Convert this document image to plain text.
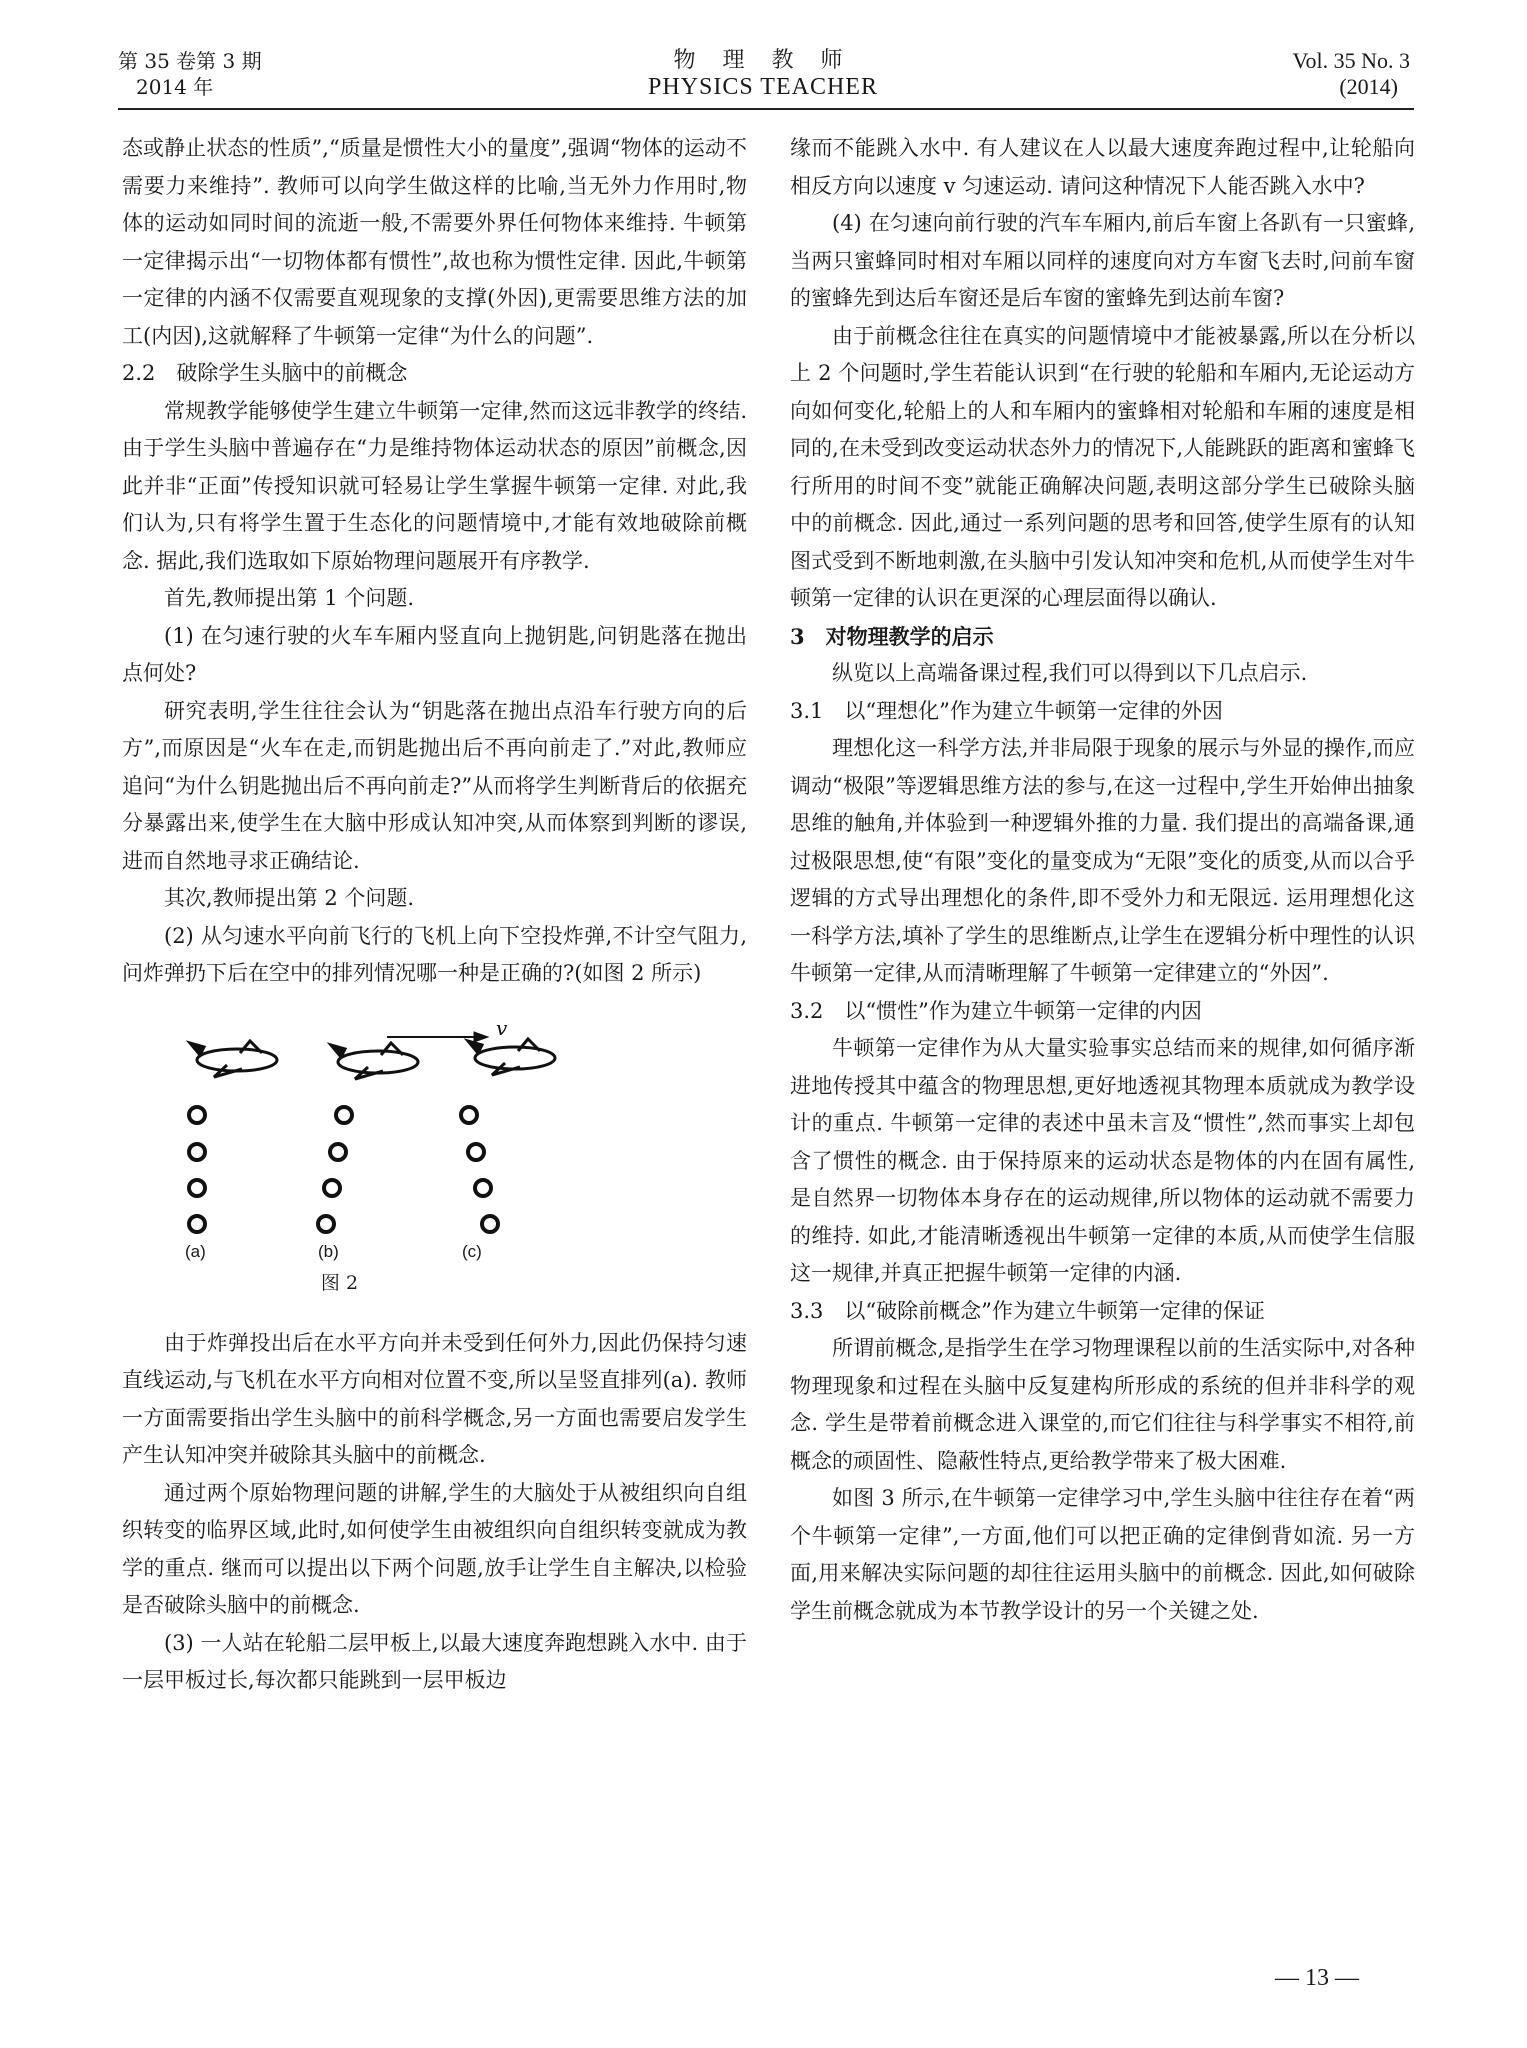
第 35 卷第 3 期
2014 年
物 理 教 师
PHYSICS TEACHER
Vol. 35 No. 3
(2014)

态或静止状态的性质”,“质量是惯性大小的量度”,强调“物体的运动不需要力来维持”. 教师可以向学生做这样的比喻,当无外力作用时,物体的运动如同时间的流逝一般,不需要外界任何物体来维持. 牛顿第一定律揭示出“一切物体都有惯性”,故也称为惯性定律. 因此,牛顿第一定律的内涵不仅需要直观现象的支撑(外因),更需要思维方法的加工(内因),这就解释了牛顿第一定律“为什么的问题”.

2.2　破除学生头脑中的前概念

常规教学能够使学生建立牛顿第一定律,然而这远非教学的终结. 由于学生头脑中普遍存在“力是维持物体运动状态的原因”前概念,因此并非“正面”传授知识就可轻易让学生掌握牛顿第一定律. 对此,我们认为,只有将学生置于生态化的问题情境中,才能有效地破除前概念. 据此,我们选取如下原始物理问题展开有序教学.

首先,教师提出第 1 个问题.

(1) 在匀速行驶的火车车厢内竖直向上抛钥匙,问钥匙落在抛出点何处?

研究表明,学生往往会认为“钥匙落在抛出点沿车行驶方向的后方”,而原因是“火车在走,而钥匙抛出后不再向前走了.”对此,教师应追问“为什么钥匙抛出后不再向前走?”从而将学生判断背后的依据充分暴露出来,使学生在大脑中形成认知冲突,从而体察到判断的谬误,进而自然地寻求正确结论.

其次,教师提出第 2 个问题.

(2) 从匀速水平向前飞行的飞机上向下空投炸弹,不计空气阻力,问炸弹扔下后在空中的排列情况哪一种是正确的?(如图 2 所示)

v
(a)	(b)	(c)
图 2

由于炸弹投出后在水平方向并未受到任何外力,因此仍保持匀速直线运动,与飞机在水平方向相对位置不变,所以呈竖直排列(a). 教师一方面需要指出学生头脑中的前科学概念,另一方面也需要启发学生产生认知冲突并破除其头脑中的前概念.

通过两个原始物理问题的讲解,学生的大脑处于从被组织向自组织转变的临界区域,此时,如何使学生由被组织向自组织转变就成为教学的重点. 继而可以提出以下两个问题,放手让学生自主解决,以检验是否破除头脑中的前概念.

(3) 一人站在轮船二层甲板上,以最大速度奔跑想跳入水中. 由于一层甲板过长,每次都只能跳到一层甲板边

缘而不能跳入水中. 有人建议在人以最大速度奔跑过程中,让轮船向相反方向以速度 v 匀速运动. 请问这种情况下人能否跳入水中?

(4) 在匀速向前行驶的汽车车厢内,前后车窗上各趴有一只蜜蜂,当两只蜜蜂同时相对车厢以同样的速度向对方车窗飞去时,问前车窗的蜜蜂先到达后车窗还是后车窗的蜜蜂先到达前车窗?

由于前概念往往在真实的问题情境中才能被暴露,所以在分析以上 2 个问题时,学生若能认识到“在行驶的轮船和车厢内,无论运动方向如何变化,轮船上的人和车厢内的蜜蜂相对轮船和车厢的速度是相同的,在未受到改变运动状态外力的情况下,人能跳跃的距离和蜜蜂飞行所用的时间不变”就能正确解决问题,表明这部分学生已破除头脑中的前概念. 因此,通过一系列问题的思考和回答,使学生原有的认知图式受到不断地刺激,在头脑中引发认知冲突和危机,从而使学生对牛顿第一定律的认识在更深的心理层面得以确认.

3　对物理教学的启示

纵览以上高端备课过程,我们可以得到以下几点启示.

3.1　以“理想化”作为建立牛顿第一定律的外因

理想化这一科学方法,并非局限于现象的展示与外显的操作,而应调动“极限”等逻辑思维方法的参与,在这一过程中,学生开始伸出抽象思维的触角,并体验到一种逻辑外推的力量. 我们提出的高端备课,通过极限思想,使“有限”变化的量变成为“无限”变化的质变,从而以合乎逻辑的方式导出理想化的条件,即不受外力和无限远. 运用理想化这一科学方法,填补了学生的思维断点,让学生在逻辑分析中理性的认识牛顿第一定律,从而清晰理解了牛顿第一定律建立的“外因”.

3.2　以“惯性”作为建立牛顿第一定律的内因

牛顿第一定律作为从大量实验事实总结而来的规律,如何循序渐进地传授其中蕴含的物理思想,更好地透视其物理本质就成为教学设计的重点. 牛顿第一定律的表述中虽未言及“惯性”,然而事实上却包含了惯性的概念. 由于保持原来的运动状态是物体的内在固有属性,是自然界一切物体本身存在的运动规律,所以物体的运动就不需要力的维持. 如此,才能清晰透视出牛顿第一定律的本质,从而使学生信服这一规律,并真正把握牛顿第一定律的内涵.

3.3　以“破除前概念”作为建立牛顿第一定律的保证

所谓前概念,是指学生在学习物理课程以前的生活实际中,对各种物理现象和过程在头脑中反复建构所形成的系统的但并非科学的观念. 学生是带着前概念进入课堂的,而它们往往与科学事实不相符,前概念的顽固性、隐蔽性特点,更给教学带来了极大困难.

如图 3 所示,在牛顿第一定律学习中,学生头脑中往往存在着“两个牛顿第一定律”,一方面,他们可以把正确的定律倒背如流. 另一方面,用来解决实际问题的却往往运用头脑中的前概念. 因此,如何破除学生前概念就成为本节教学设计的另一个关键之处.

— 13 —
